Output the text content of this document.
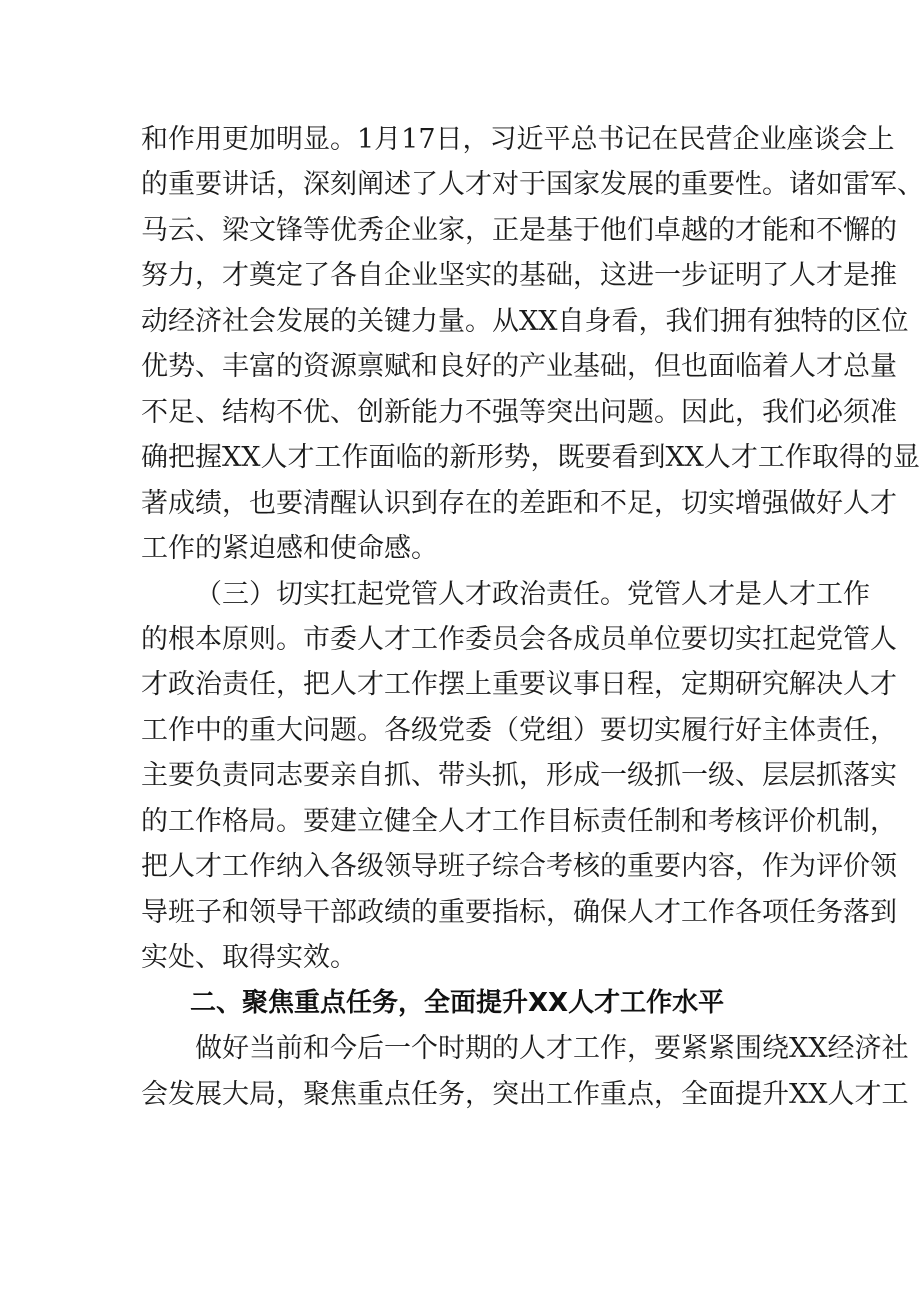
和作用更加明显。1月17日，习近平总书记在民营企业座谈会上
的重要讲话，深刻阐述了人才对于国家发展的重要性。诸如雷军、
马云、梁文锋等优秀企业家，正是基于他们卓越的才能和不懈的
努力，才奠定了各自企业坚实的基础，这进一步证明了人才是推
动经济社会发展的关键力量。从XX自身看，我们拥有独特的区位
优势、丰富的资源禀赋和良好的产业基础，但也面临着人才总量
不足、结构不优、创新能力不强等突出问题。因此，我们必须准
确把握XX人才工作面临的新形势，既要看到XX人才工作取得的显
著成绩，也要清醒认识到存在的差距和不足，切实增强做好人才
工作的紧迫感和使命感。
（三）切实扛起党管人才政治责任。党管人才是人才工作
的根本原则。市委人才工作委员会各成员单位要切实扛起党管人
才政治责任，把人才工作摆上重要议事日程，定期研究解决人才
工作中的重大问题。各级党委（党组）要切实履行好主体责任，
主要负责同志要亲自抓、带头抓，形成一级抓一级、层层抓落实
的工作格局。要建立健全人才工作目标责任制和考核评价机制，
把人才工作纳入各级领导班子综合考核的重要内容，作为评价领
导班子和领导干部政绩的重要指标，确保人才工作各项任务落到
实处、取得实效。
二、聚焦重点任务，全面提升XX人才工作水平
做好当前和今后一个时期的人才工作，要紧紧围绕XX经济社
会发展大局，聚焦重点任务，突出工作重点，全面提升XX人才工
